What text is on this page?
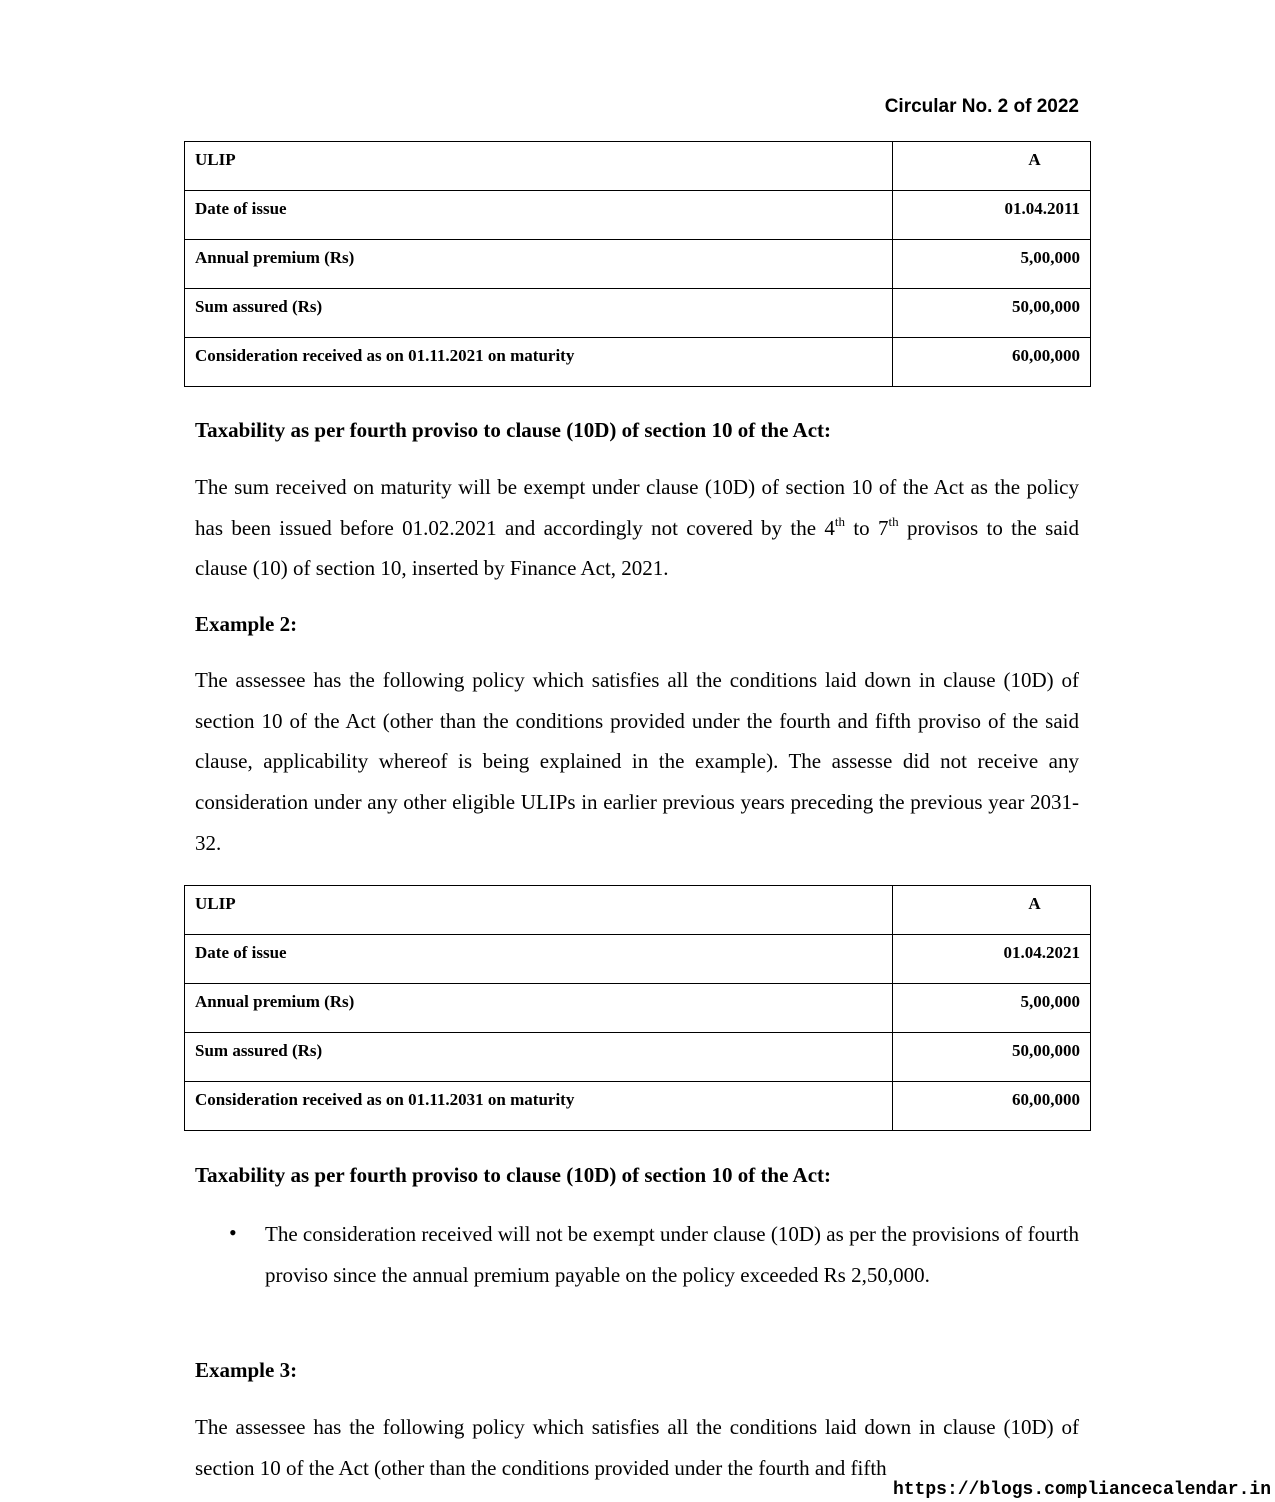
Circular No. 2 of 2022
ULIP	A
Date of issue	01.04.2011
Annual premium (Rs)	5,00,000
Sum assured (Rs)	50,00,000
Consideration received as on 01.11.2021 on maturity	60,00,000
Taxability as per fourth proviso to clause (10D) of section 10 of the Act:

The sum received on maturity will be exempt under clause (10D) of section 10 of the Act as the policy has been issued before 01.02.2021 and accordingly not covered by the 4th to 7th provisos to the said clause (10) of section 10, inserted by Finance Act, 2021.

Example 2:

The assessee has the following policy which satisfies all the conditions laid down in clause (10D) of section 10 of the Act (other than the conditions provided under the fourth and fifth proviso of the said clause, applicability whereof is being explained in the example). The assesse did not receive any consideration under any other eligible ULIPs in earlier previous years preceding the previous year 2031-32.

ULIP	A
Date of issue	01.04.2021
Annual premium (Rs)	5,00,000
Sum assured (Rs)	50,00,000
Consideration received as on 01.11.2031 on maturity	60,00,000
Taxability as per fourth proviso to clause (10D) of section 10 of the Act:
• The consideration received will not be exempt under clause (10D) as per the provisions of fourth proviso since the annual premium payable on the policy exceeded Rs 2,50,000.

Example 3:

The assessee has the following policy which satisfies all the conditions laid down in clause (10D) of section 10 of the Act (other than the conditions provided under the fourth and fifth

https://blogs.compliancecalendar.in
